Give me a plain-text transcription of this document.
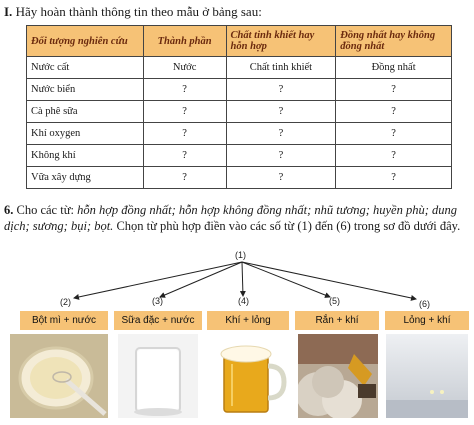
I. Hãy hoàn thành thông tin theo mẫu ở bảng sau:
Đối tượng nghiên cứu	Thành phần	Chất tinh khiết hay hỗn hợp	Đồng nhất hay không đồng nhất
Nước cất	Nước	Chất tinh khiết	Đồng nhất
Nước biển	?	?	?
Cà phê sữa	?	?	?
Khí oxygen	?	?	?
Không khí	?	?	?
Vữa xây dựng	?	?	?
6. Cho các từ: hỗn hợp đồng nhất; hỗn hợp không đồng nhất; nhũ tương; huyền phù; dung dịch; sương; bụi; bọt. Chọn từ phù hợp điền vào các số từ (1) đến (6) trong sơ đồ dưới đây.
(1)
(2)	(3)	(4)	(5)	(6)
Bột mì + nước	Sữa đặc + nước	Khí + lỏng	Rắn + khí	Lỏng + khí
